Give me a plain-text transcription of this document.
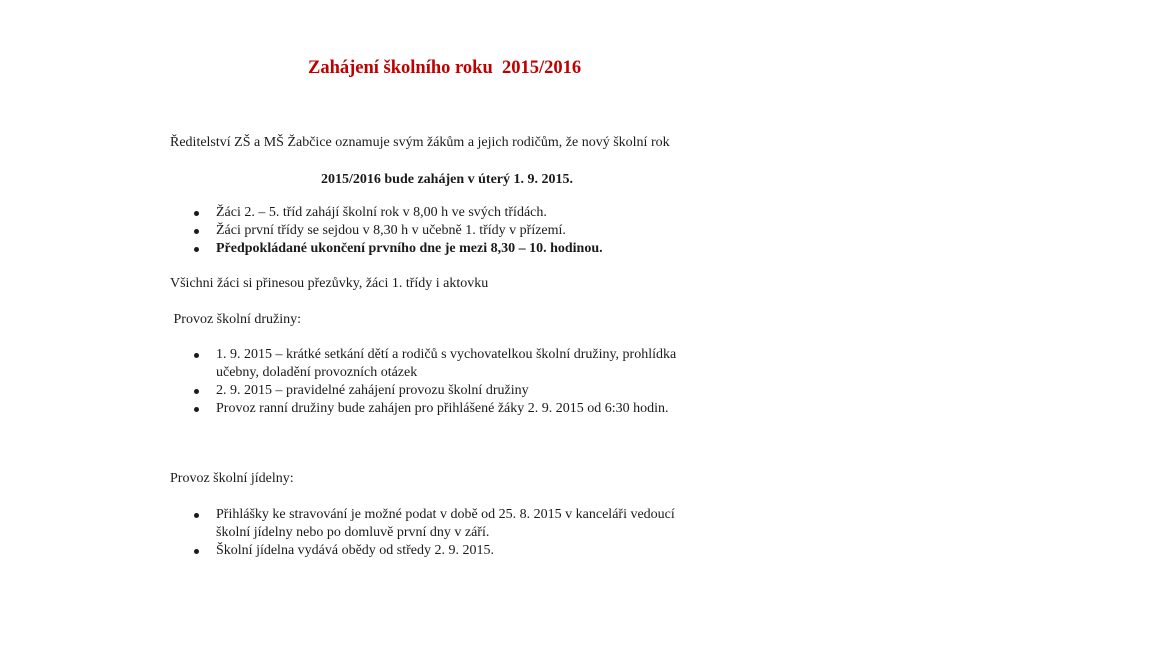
Zahájení školního roku  2015/2016

Ředitelství ZŠ a MŠ Žabčice oznamuje svým žákům a jejich rodičům, že nový školní rok

2015/2016 bude zahájen v úterý 1. 9. 2015.

Žáci 2. – 5. tříd zahájí školní rok v 8,00 h ve svých třídách.
Žáci první třídy se sejdou v 8,30 h v učebně 1. třídy v přízemí.
Předpokládané ukončení prvního dne je mezi 8,30 – 10. hodinou.

Všichni žáci si přinesou přezůvky, žáci 1. třídy i aktovku

Provoz školní družiny:

1. 9. 2015 – krátké setkání dětí a rodičů s vychovatelkou školní družiny, prohlídka
učebny, doladění provozních otázek
2. 9. 2015 – pravidelné zahájení provozu školní družiny
Provoz ranní družiny bude zahájen pro přihlášené žáky 2. 9. 2015 od 6:30 hodin.

Provoz školní jídelny:

Přihlášky ke stravování je možné podat v době od 25. 8. 2015 v kanceláři vedoucí
školní jídelny nebo po domluvě první dny v září.
Školní jídelna vydává obědy od středy 2. 9. 2015.
